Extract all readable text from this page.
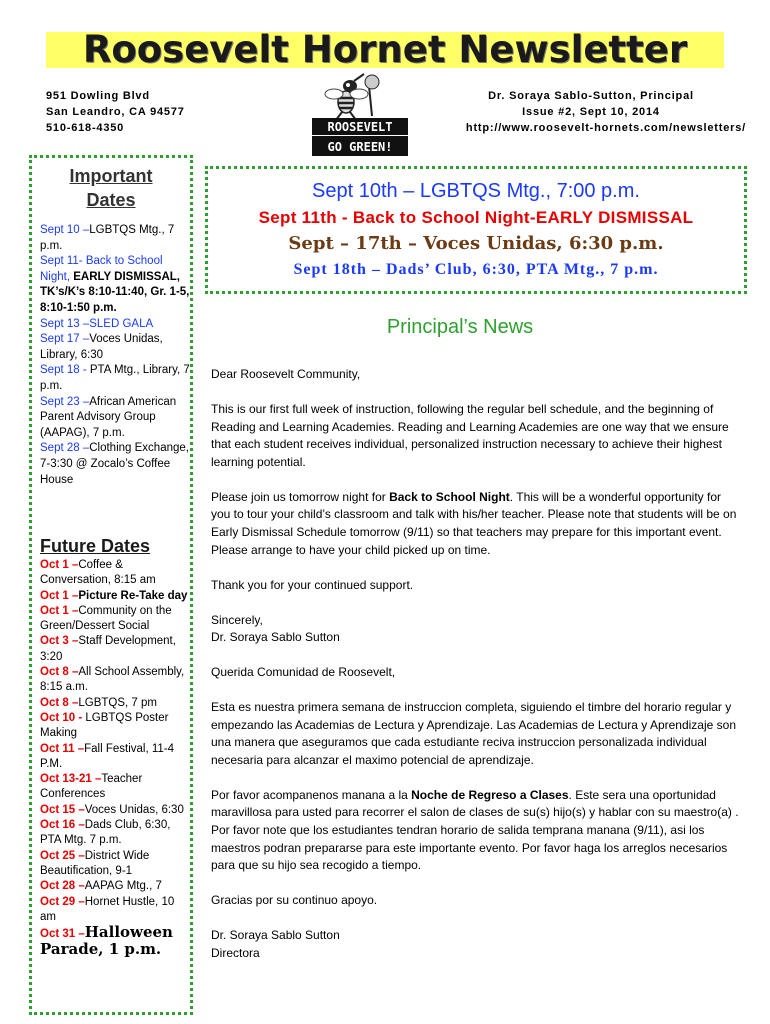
Roosevelt Hornet Newsletter
951 Dowling Blvd
San Leandro, CA 94577
510-618-4350	ROOSEVELT
GO GREEN!
Dr. Soraya Sablo-Sutton, Principal
Issue #2, Sept 10, 2014
http://www.roosevelt-hornets.com/newsletters/
Important
Dates
Sept 10 –LGBTQS Mtg., 7 p.m.
Sept 11- Back to School Night, EARLY DISMISSAL, TK’s/K’s 8:10-11:40, Gr. 1-5, 8:10-1:50 p.m.
Sept 13 –SLED GALA
Sept 17 –Voces Unidas, Library, 6:30
Sept 18 - PTA Mtg., Library, 7 p.m.
Sept 23 –African American Parent Advisory Group (AAPAG), 7 p.m.
Sept 28 –Clothing Exchange, 7-3:30 @ Zocalo’s Coffee House
Future Dates
Oct 1 –Coffee & Conversation, 8:15 am
Oct 1 –Picture Re-Take day
Oct 1 –Community on the Green/Dessert Social
Oct 3 –Staff Development, 3:20
Oct 8 –All School Assembly, 8:15 a.m.
Oct 8 –LGBTQS, 7 pm
Oct 10 - LGBTQS Poster Making
Oct 11 –Fall Festival, 11-4 P.M.
Oct 13-21 –Teacher Conferences
Oct 15 –Voces Unidas, 6:30
Oct 16 –Dads Club, 6:30, PTA Mtg. 7 p.m.
Oct 25 –District Wide Beautification, 9-1
Oct 28 –AAPAG Mtg., 7
Oct 29 –Hornet Hustle, 10 am
Oct 31 –Halloween Parade, 1 p.m.
Sept 10th – LGBTQS Mtg., 7:00 p.m.
Sept 11th - Back to School Night-EARLY DISMISSAL
Sept – 17th – Voces Unidas, 6:30 p.m.
Sept 18th – Dads’ Club, 6:30, PTA Mtg., 7 p.m.
Principal’s News

Dear Roosevelt Community,

This is our first full week of instruction, following the regular bell schedule, and the beginning of Reading and Learning Academies. Reading and Learning Academies are one way that we ensure that each student receives individual, personalized instruction necessary to achieve their highest learning potential.

Please join us tomorrow night for Back to School Night. This will be a wonderful opportunity for you to tour your child’s classroom and talk with his/her teacher. Please note that students will be on Early Dismissal Schedule tomorrow (9/11) so that teachers may prepare for this important event. Please arrange to have your child picked up on time.

Thank you for your continued support.

Sincerely,
Dr. Soraya Sablo Sutton

Querida Comunidad de Roosevelt,

Esta es nuestra primera semana de instruccion completa, siguiendo el timbre del horario regular y empezando las Academias de Lectura y Aprendizaje. Las Academias de Lectura y Aprendizaje son una manera que aseguramos que cada estudiante reciva instruccion personalizada individual necesaria para alcanzar el maximo potencial de aprendizaje.

Por favor acompanenos manana a la Noche de Regreso a Clases. Este sera una oportunidad maravillosa para usted para recorrer el salon de clases de su(s) hijo(s) y hablar con su maestro(a) .
Por favor note que los estudiantes tendran horario de salida temprana manana (9/11), asi los maestros podran prepararse para este importante evento. Por favor haga los arreglos necesarios para que su hijo sea recogido a tiempo.

Gracias por su continuo apoyo.

Dr. Soraya Sablo Sutton
Directora
